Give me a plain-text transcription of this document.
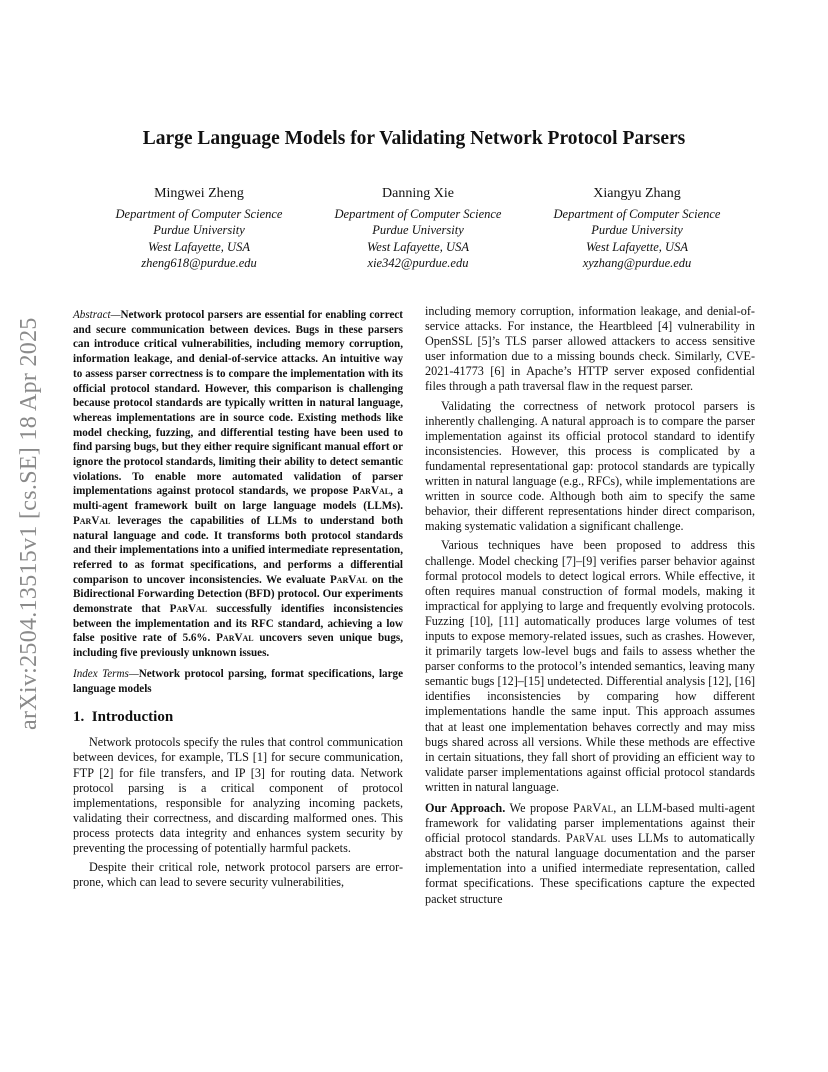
arXiv:2504.13515v1 [cs.SE] 18 Apr 2025
Large Language Models for Validating Network Protocol Parsers
Mingwei Zheng
Department of Computer Science
Purdue University
West Lafayette, USA
zheng618@purdue.edu
Danning Xie
Department of Computer Science
Purdue University
West Lafayette, USA
xie342@purdue.edu
Xiangyu Zhang
Department of Computer Science
Purdue University
West Lafayette, USA
xyzhang@purdue.edu

Abstract—Network protocol parsers are essential for enabling correct and secure communication between devices. Bugs in these parsers can introduce critical vulnerabilities, including memory corruption, information leakage, and denial-of-service attacks. An intuitive way to assess parser correctness is to compare the implementation with its official protocol standard. However, this comparison is challenging because protocol standards are typically written in natural language, whereas implementations are in source code. Existing methods like model checking, fuzzing, and differential testing have been used to find parsing bugs, but they either require significant manual effort or ignore the protocol standards, limiting their ability to detect semantic violations. To enable more automated validation of parser implementations against protocol standards, we propose ParVal, a multi-agent framework built on large language models (LLMs). ParVal leverages the capabilities of LLMs to understand both natural language and code. It transforms both protocol standards and their implementations into a unified intermediate representation, referred to as format specifications, and performs a differential comparison to uncover inconsistencies. We evaluate ParVal on the Bidirectional Forwarding Detection (BFD) protocol. Our experiments demonstrate that ParVal successfully identifies inconsistencies between the implementation and its RFC standard, achieving a low false positive rate of 5.6%. ParVal uncovers seven unique bugs, including five previously unknown issues.

Index Terms—Network protocol parsing, format specifications, large language models

1. Introduction

Network protocols specify the rules that control communication between devices, for example, TLS [1] for secure communication, FTP [2] for file transfers, and IP [3] for routing data. Network protocol parsing is a critical component of protocol implementations, responsible for analyzing incoming packets, validating their correctness, and discarding malformed ones. This process protects data integrity and enhances system security by preventing the processing of potentially harmful packets.

Despite their critical role, network protocol parsers are error-prone, which can lead to severe security vulnerabilities,

including memory corruption, information leakage, and denial-of-service attacks. For instance, the Heartbleed [4] vulnerability in OpenSSL [5]’s TLS parser allowed attackers to access sensitive user information due to a missing bounds check. Similarly, CVE-2021-41773 [6] in Apache’s HTTP server exposed confidential files through a path traversal flaw in the request parser.

Validating the correctness of network protocol parsers is inherently challenging. A natural approach is to compare the parser implementation against its official protocol standard to identify inconsistencies. However, this process is complicated by a fundamental representational gap: protocol standards are typically written in natural language (e.g., RFCs), while implementations are written in source code. Although both aim to specify the same behavior, their different representations hinder direct comparison, making systematic validation a significant challenge.

Various techniques have been proposed to address this challenge. Model checking [7]–[9] verifies parser behavior against formal protocol models to detect logical errors. While effective, it often requires manual construction of formal models, making it impractical for applying to large and frequently evolving protocols. Fuzzing [10], [11] automatically produces large volumes of test inputs to expose memory-related issues, such as crashes. However, it primarily targets low-level bugs and fails to assess whether the parser conforms to the protocol’s intended semantics, leaving many semantic bugs [12]–[15] undetected. Differential analysis [12], [16] identifies inconsistencies by comparing how different implementations handle the same input. This approach assumes that at least one implementation behaves correctly and may miss bugs shared across all versions. While these methods are effective in certain situations, they fall short of providing an efficient way to validate parser implementations against official protocol standards written in natural language.

Our Approach. We propose ParVal, an LLM-based multi-agent framework for validating parser implementations against their official protocol standards. ParVal uses LLMs to automatically abstract both the natural language documentation and the parser implementation into a unified intermediate representation, called format specifications. These specifications capture the expected packet structure
